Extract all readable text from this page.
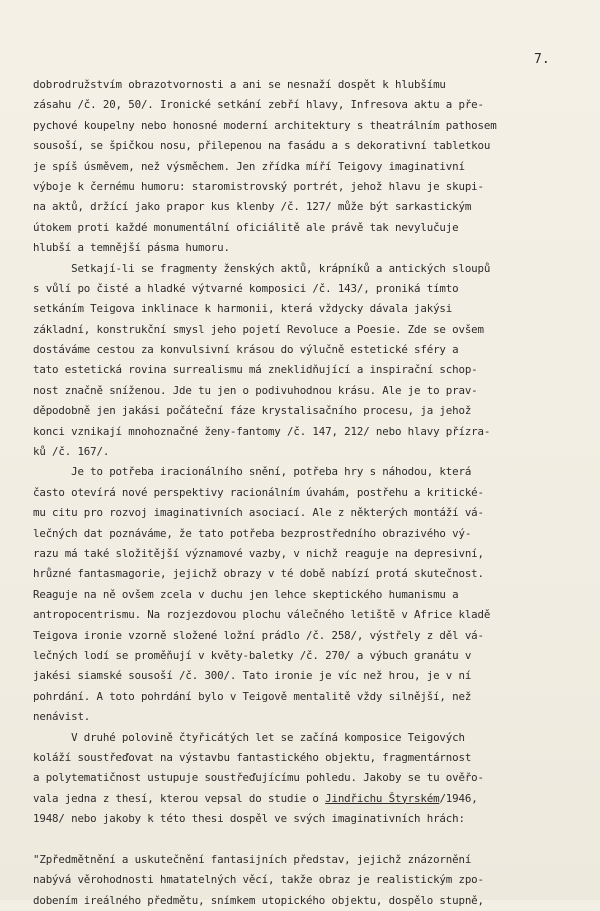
7.
dobrodružstvím obrazotvornosti a ani se nesnaží dospět k hlubšímu
zásahu /č. 20, 50/. Ironické setkání zebří hlavy, Infresova aktu a pře-
pychové koupelny nebo honosné moderní architektury s theatrálním pathosem
sousoší, se špičkou nosu, přilepenou na fasádu a s dekorativní tabletkou
je spíš úsměvem, než výsměchem. Jen zřídka míří Teigovy imaginativní
výboje k černému humoru: staromistrovský portrét, jehož hlavu je skupi-
na aktů, držící jako prapor kus klenby /č. 127/ může být sarkastickým
útokem proti každé monumentální oficiálitě ale právě tak nevylučuje
hlubší a temnější pásma humoru.
Setkají-li se fragmenty ženských aktů, krápníků a antických sloupů
s vůlí po čisté a hladké výtvarné komposici /č. 143/, proniká tímto
setkáním Teigova inklinace k harmonii, která vždycky dávala jakýsi
základní, konstrukční smysl jeho pojetí Revoluce a Poesie. Zde se ovšem
dostáváme cestou za konvulsivní krásou do výlučně estetické sféry a
tato estetická rovina surrealismu má zneklidňující a inspirační schop-
nost značně sníženou. Jde tu jen o podivuhodnou krásu. Ale je to prav-
děpodobně jen jakási počáteční fáze krystalisačního procesu, ja jehož
konci vznikají mnohoznačné ženy-fantomy /č. 147, 212/ nebo hlavy přízra-
ků /č. 167/.
Je to potřeba iracionálního snění, potřeba hry s náhodou, která
často otevírá nové perspektivy racionálním úvahám, postřehu a kritické-
mu citu pro rozvoj imaginativních asociací. Ale z některých montáží vá-
lečných dat poznáváme, že tato potřeba bezprostředního obrazivého vý-
razu má také složitější významové vazby, v nichž reaguje na depresivní,
hrůzné fantasmagorie, jejichž obrazy v té době nabízí protá skutečnost.
Reaguje na ně ovšem zcela v duchu jen lehce skeptického humanismu a
antropocentrismu. Na rozjezdovou plochu válečného letiště v Africe kladě
Teigova ironie vzorně složené ložní prádlo /č. 258/, výstřely z děl vá-
lečných lodí se proměňují v květy-baletky /č. 270/ a výbuch granátu v
jakési siamské sousoší /č. 300/. Tato ironie je víc než hrou, je v ní
pohrdání. A toto pohrdání bylo v Teigově mentalitě vždy silnější, než
nenávist.
V druhé polovině čtyřicátých let se začíná komposice Teigových
koláží soustřeďovat na výstavbu fantastického objektu, fragmentárnost
a polytematičnost ustupuje soustřeďujícímu pohledu. Jakoby se tu ověřo-
vala jedna z thesí, kterou vepsal do studie o Jindřichu Štyrském/1946,
1948/ nebo jakoby k této thesi dospěl ve svých imaginativních hrách:
"Zpředmětnění a uskutečnění fantasijních představ, jejichž znázornění
nabývá věrohodnosti hmatatelných věcí, takže obraz je realistickým zpo-
dobením ireálného předmětu, snímkem utopického objektu, dospělo stupně,
